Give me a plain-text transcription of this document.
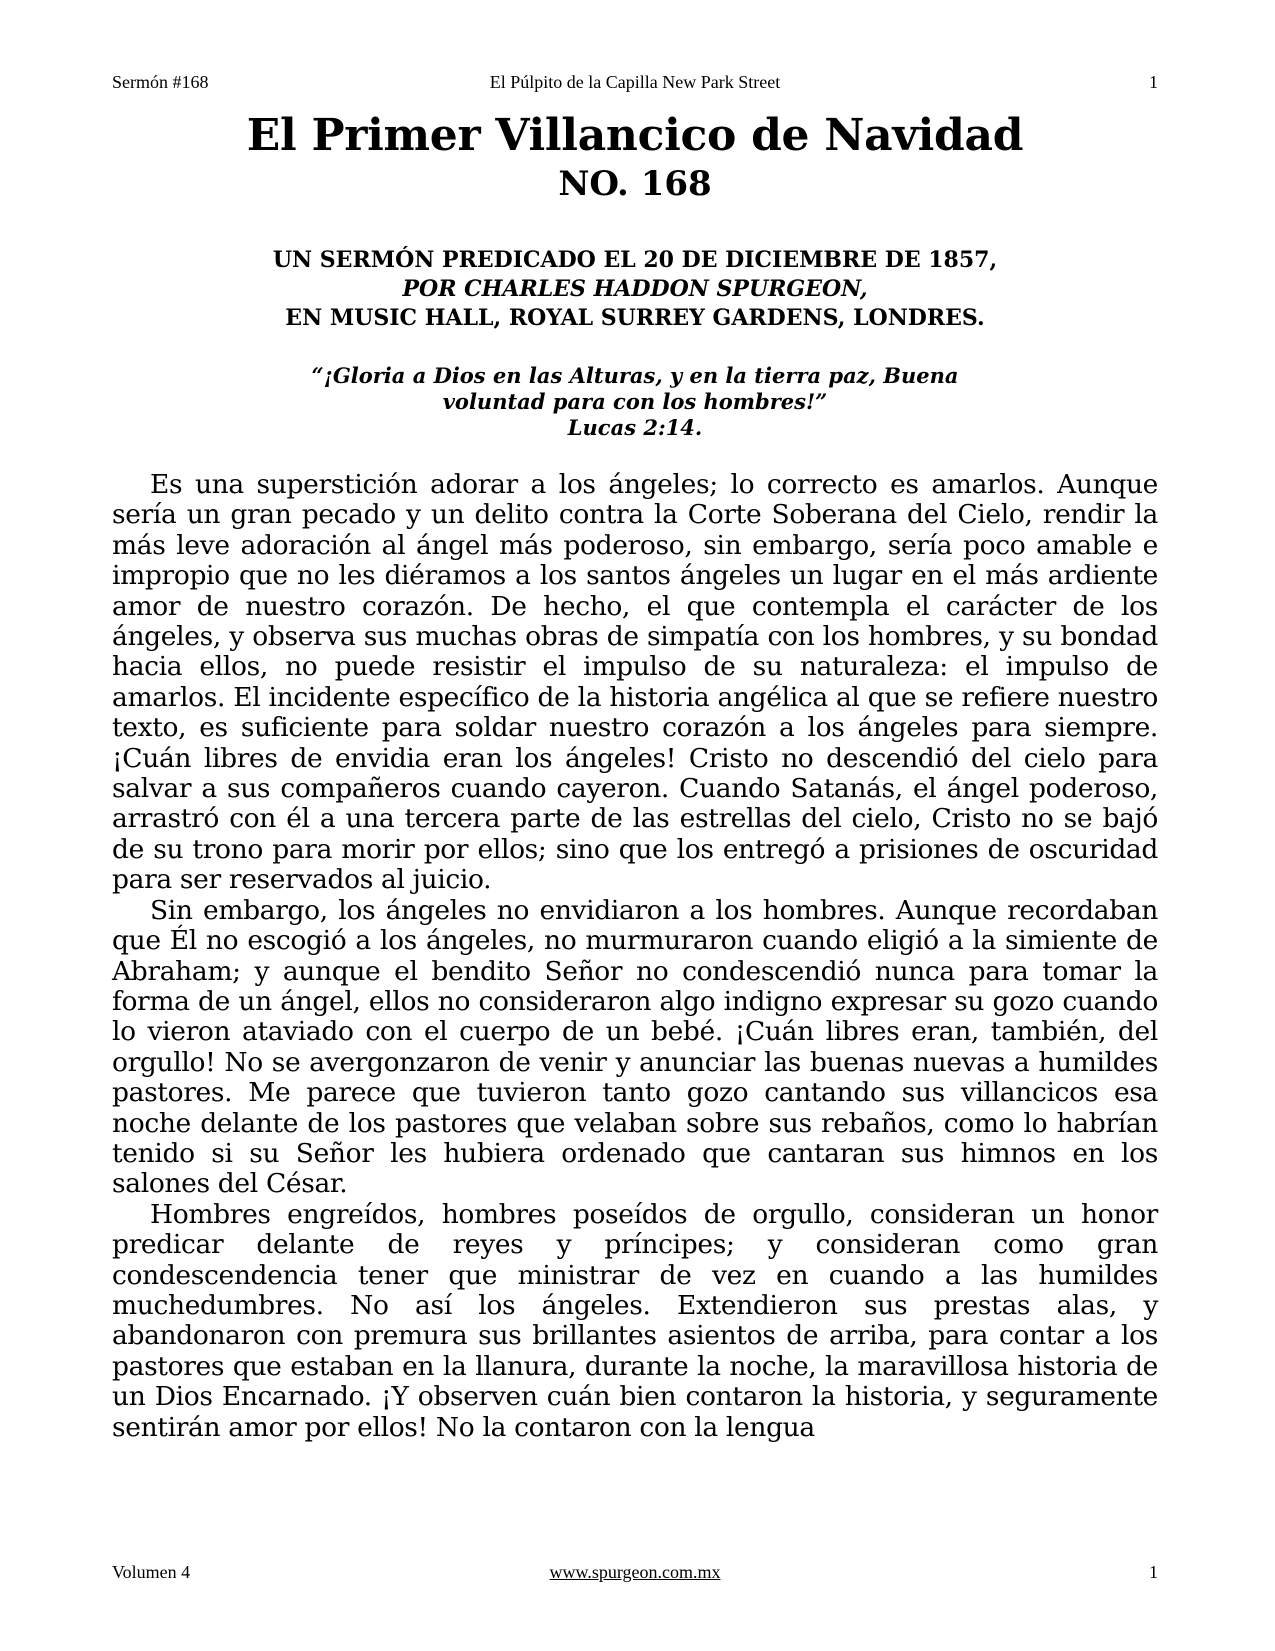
Sermón #168	El Púlpito de la Capilla New Park Street	1
El Primer Villancico de Navidad
NO. 168
UN SERMÓN PREDICADO EL 20 DE DICIEMBRE DE 1857,
POR CHARLES HADDON SPURGEON,
EN MUSIC HALL, ROYAL SURREY GARDENS, LONDRES.
“¡Gloria a Dios en las Alturas, y en la tierra paz, Buena
voluntad para con los hombres!”
Lucas 2:14.

Es una superstición adorar a los ángeles; lo correcto es amarlos. Aunque sería un gran pecado y un delito contra la Corte Soberana del Cielo, rendir la más leve adoración al ángel más poderoso, sin embargo, sería poco amable e impropio que no les diéramos a los santos ángeles un lugar en el más ardiente amor de nuestro corazón. De hecho, el que contempla el carácter de los ángeles, y observa sus muchas obras de simpatía con los hombres, y su bondad hacia ellos, no puede resistir el impulso de su naturaleza: el impulso de amarlos. El incidente específico de la historia angélica al que se refiere nuestro texto, es suficiente para soldar nuestro corazón a los ángeles para siempre. ¡Cuán libres de envidia eran los ángeles! Cristo no descendió del cielo para salvar a sus compañeros cuando cayeron. Cuando Satanás, el ángel poderoso, arrastró con él a una tercera parte de las estrellas del cielo, Cristo no se bajó de su trono para morir por ellos; sino que los entregó a prisiones de oscuridad para ser reservados al juicio.

Sin embargo, los ángeles no envidiaron a los hombres. Aunque recordaban que Él no escogió a los ángeles, no murmuraron cuando eligió a la simiente de Abraham; y aunque el bendito Señor no condescendió nunca para tomar la forma de un ángel, ellos no consideraron algo indigno expresar su gozo cuando lo vieron ataviado con el cuerpo de un bebé. ¡Cuán libres eran, también, del orgullo! No se avergonzaron de venir y anunciar las buenas nuevas a humildes pastores. Me parece que tuvieron tanto gozo cantando sus villancicos esa noche delante de los pastores que velaban sobre sus rebaños, como lo habrían tenido si su Señor les hubiera ordenado que cantaran sus himnos en los salones del César.

Hombres engreídos, hombres poseídos de orgullo, consideran un honor predicar delante de reyes y príncipes; y consideran como gran condescendencia tener que ministrar de vez en cuando a las humildes muchedumbres. No así los ángeles. Extendieron sus prestas alas, y abandonaron con premura sus brillantes asientos de arriba, para contar a los pastores que estaban en la llanura, durante la noche, la maravillosa historia de un Dios Encarnado. ¡Y observen cuán bien contaron la historia, y seguramente sentirán amor por ellos! No la contaron con la lengua

Volumen 4	www.spurgeon.com.mx	1
